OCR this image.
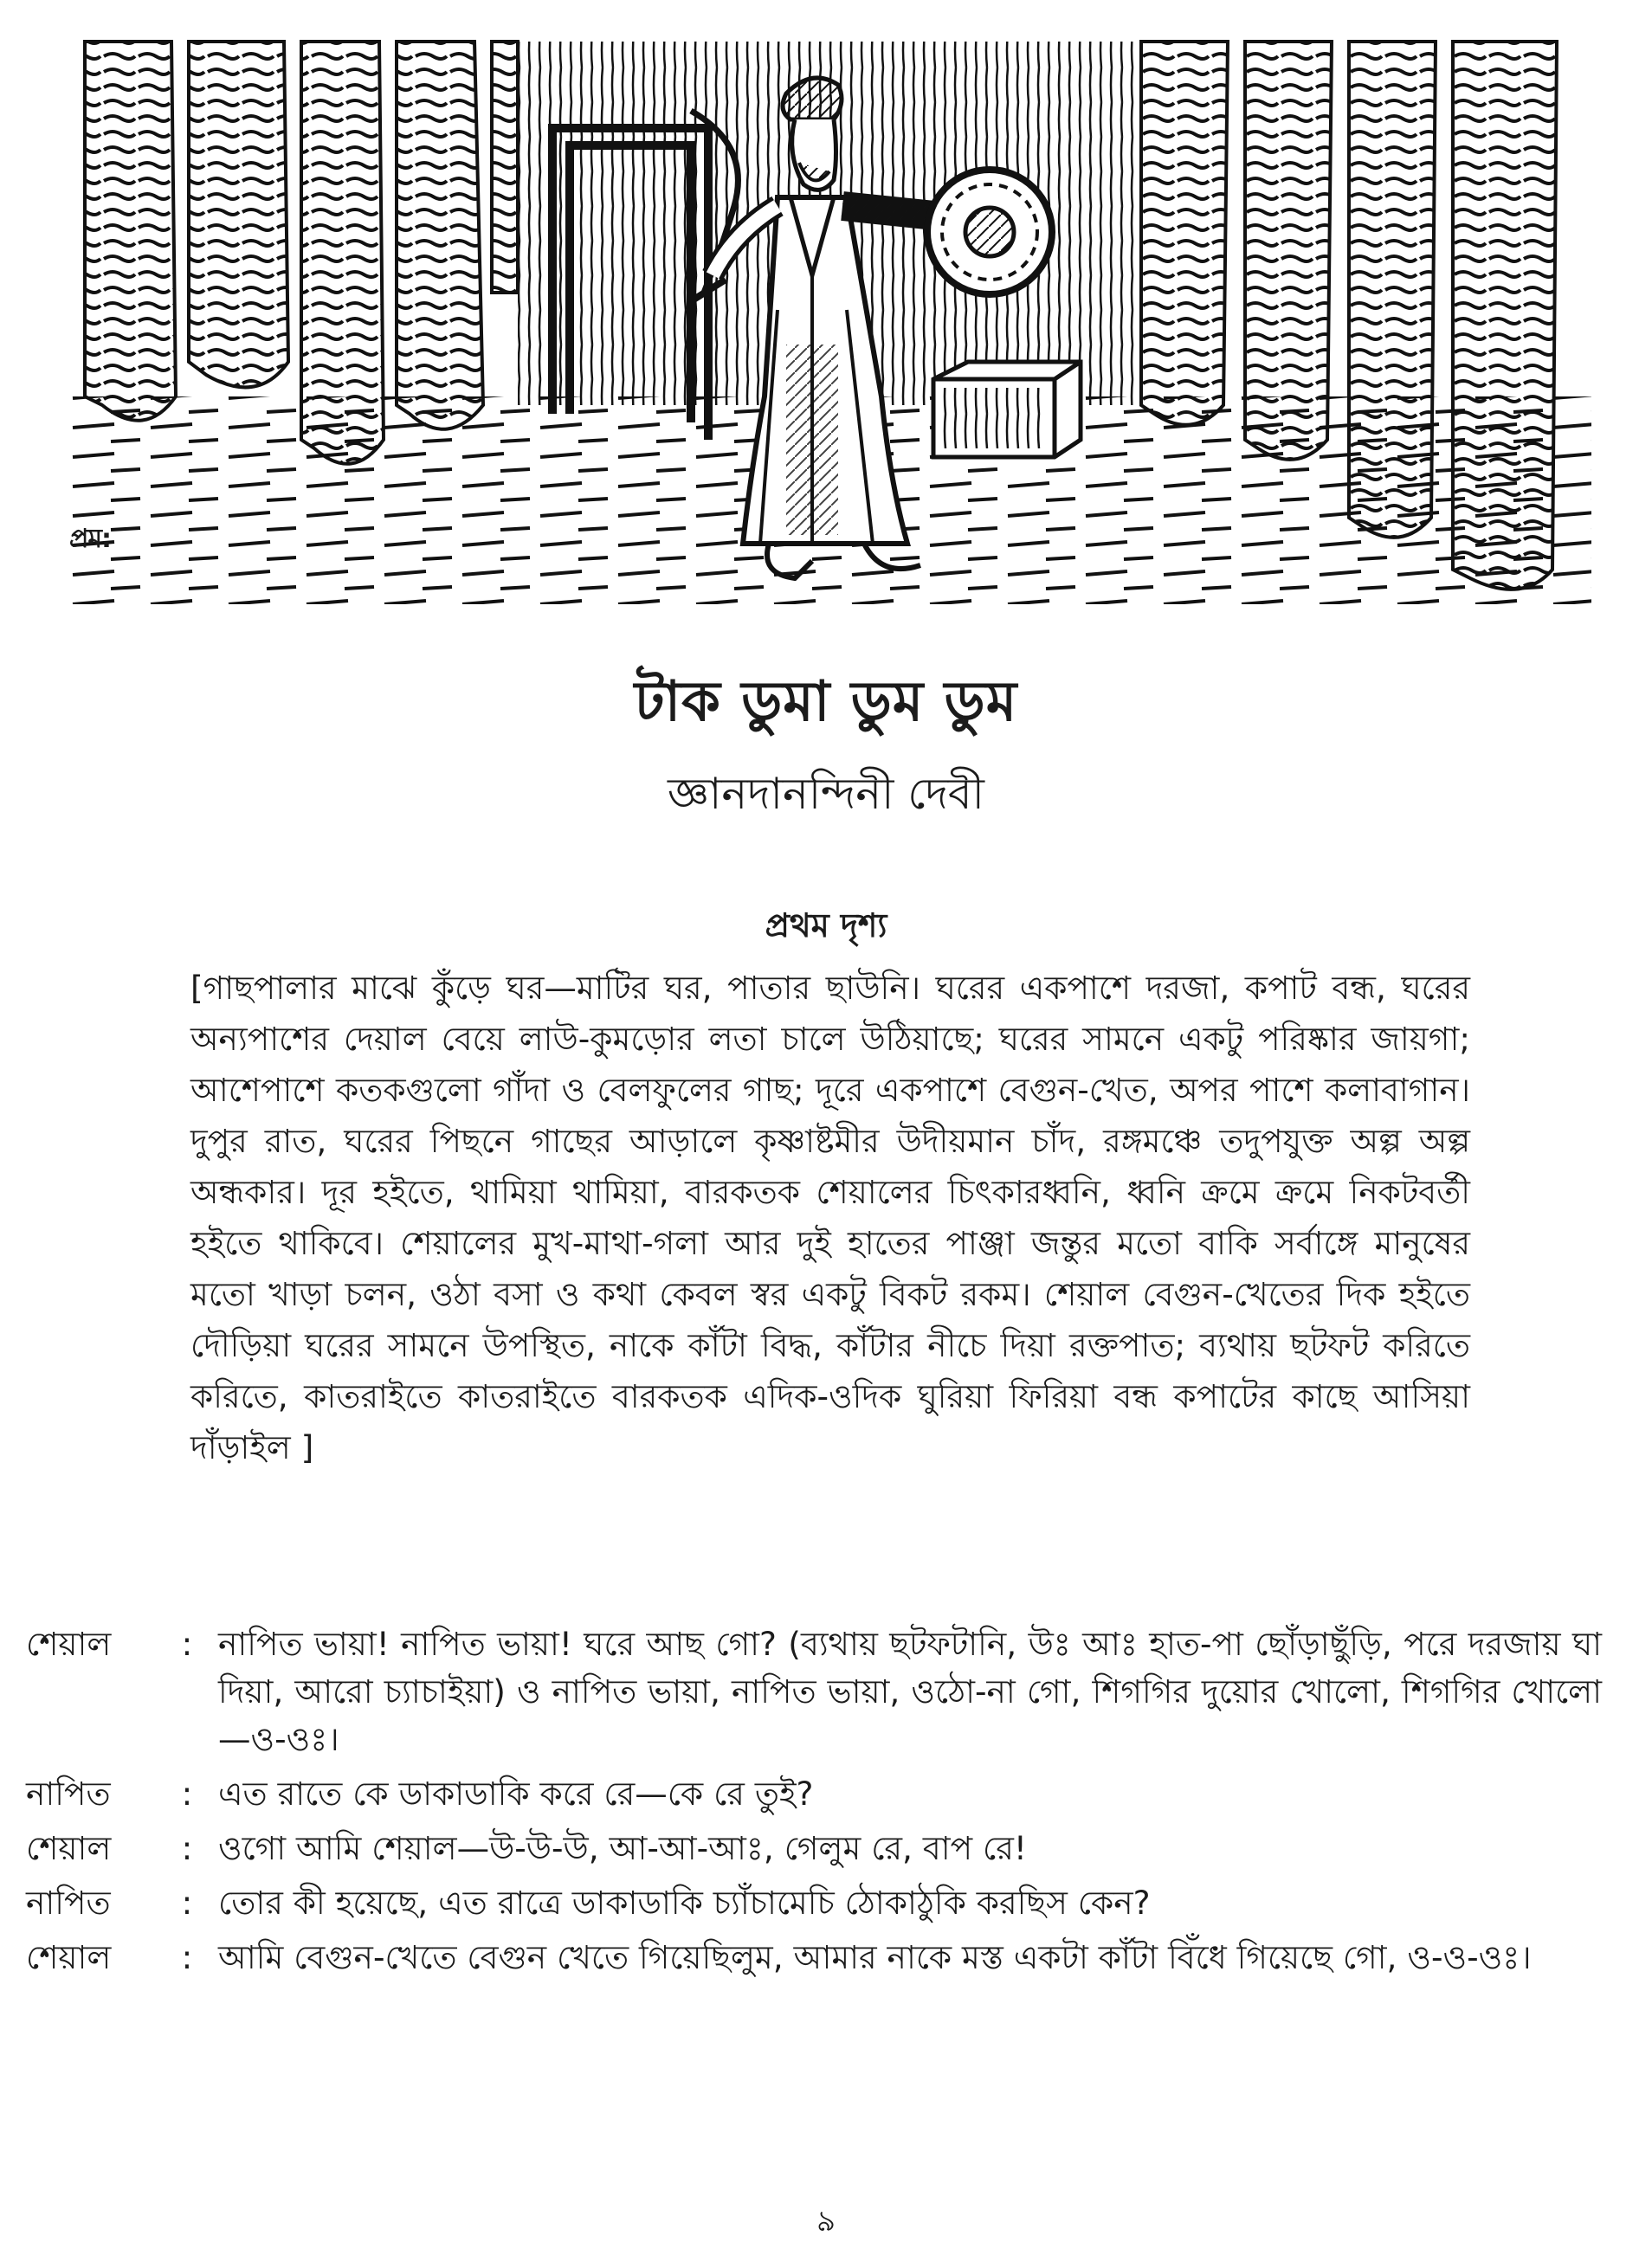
প্রম:
টাক ডুমা ডুম ডুম
জ্ঞানদানন্দিনী দেবী
প্রথম দৃশ্য
[গাছপালার মাঝে কুঁড়ে ঘর—মাটির ঘর, পাতার ছাউনি। ঘরের একপাশে দরজা, কপাট বন্ধ, ঘরের অন্যপাশের দেয়াল বেয়ে লাউ-কুমড়োর লতা চালে উঠিয়াছে; ঘরের সামনে একটু পরিষ্কার জায়গা; আশেপাশে কতকগুলো গাঁদা ও বেলফুলের গাছ; দূরে একপাশে বেগুন-খেত, অপর পাশে কলাবাগান। দুপুর রাত, ঘরের পিছনে গাছের আড়ালে কৃষ্ণাষ্টমীর উদীয়মান চাঁদ, রঙ্গমঞ্চে তদুপযুক্ত অল্প অল্প অন্ধকার। দূর হইতে, থামিয়া থামিয়া, বারকতক শেয়ালের চিৎকারধ্বনি, ধ্বনি ক্রমে ক্রমে নিকটবর্তী হইতে থাকিবে। শেয়ালের মুখ-মাথা-গলা আর দুই হাতের পাঞ্জা জন্তুর মতো বাকি সর্বাঙ্গে মানুষের মতো খাড়া চলন, ওঠা বসা ও কথা কেবল স্বর একটু বিকট রকম। শেয়াল বেগুন-খেতের দিক হইতে দৌড়িয়া ঘরের সামনে উপস্থিত, নাকে কাঁটা বিদ্ধ, কাঁটার নীচে দিয়া রক্তপাত; ব্যথায় ছটফট করিতে করিতে, কাতরাইতে কাতরাইতে বারকতক এদিক-ওদিক ঘুরিয়া ফিরিয়া বন্ধ কপাটের কাছে আসিয়া দাঁড়াইল ]
শেয়াল	: নাপিত ভায়া! নাপিত ভায়া! ঘরে আছ গো? (ব্যথায় ছটফটানি, উঃ আঃ হাত-পা ছোঁড়াছুঁড়ি, পরে দরজায় ঘা দিয়া, আরো চ্যাচাইয়া) ও নাপিত ভায়া, নাপিত ভায়া, ওঠো-না গো, শিগগির দুয়োর খোলো, শিগগির খোলো—ও-ওঃ।
নাপিত	: এত রাতে কে ডাকাডাকি করে রে—কে রে তুই?
শেয়াল	: ওগো আমি শেয়াল—উ-উ-উ, আ-আ-আঃ, গেলুম রে, বাপ রে!
নাপিত	: তোর কী হয়েছে, এত রাত্রে ডাকাডাকি চ্যাঁচামেচি ঠোকাঠুকি করছিস কেন?
শেয়াল	: আমি বেগুন-খেতে বেগুন খেতে গিয়েছিলুম, আমার নাকে মস্ত একটা কাঁটা বিঁধে গিয়েছে গো, ও-ও-ওঃ।
৯
